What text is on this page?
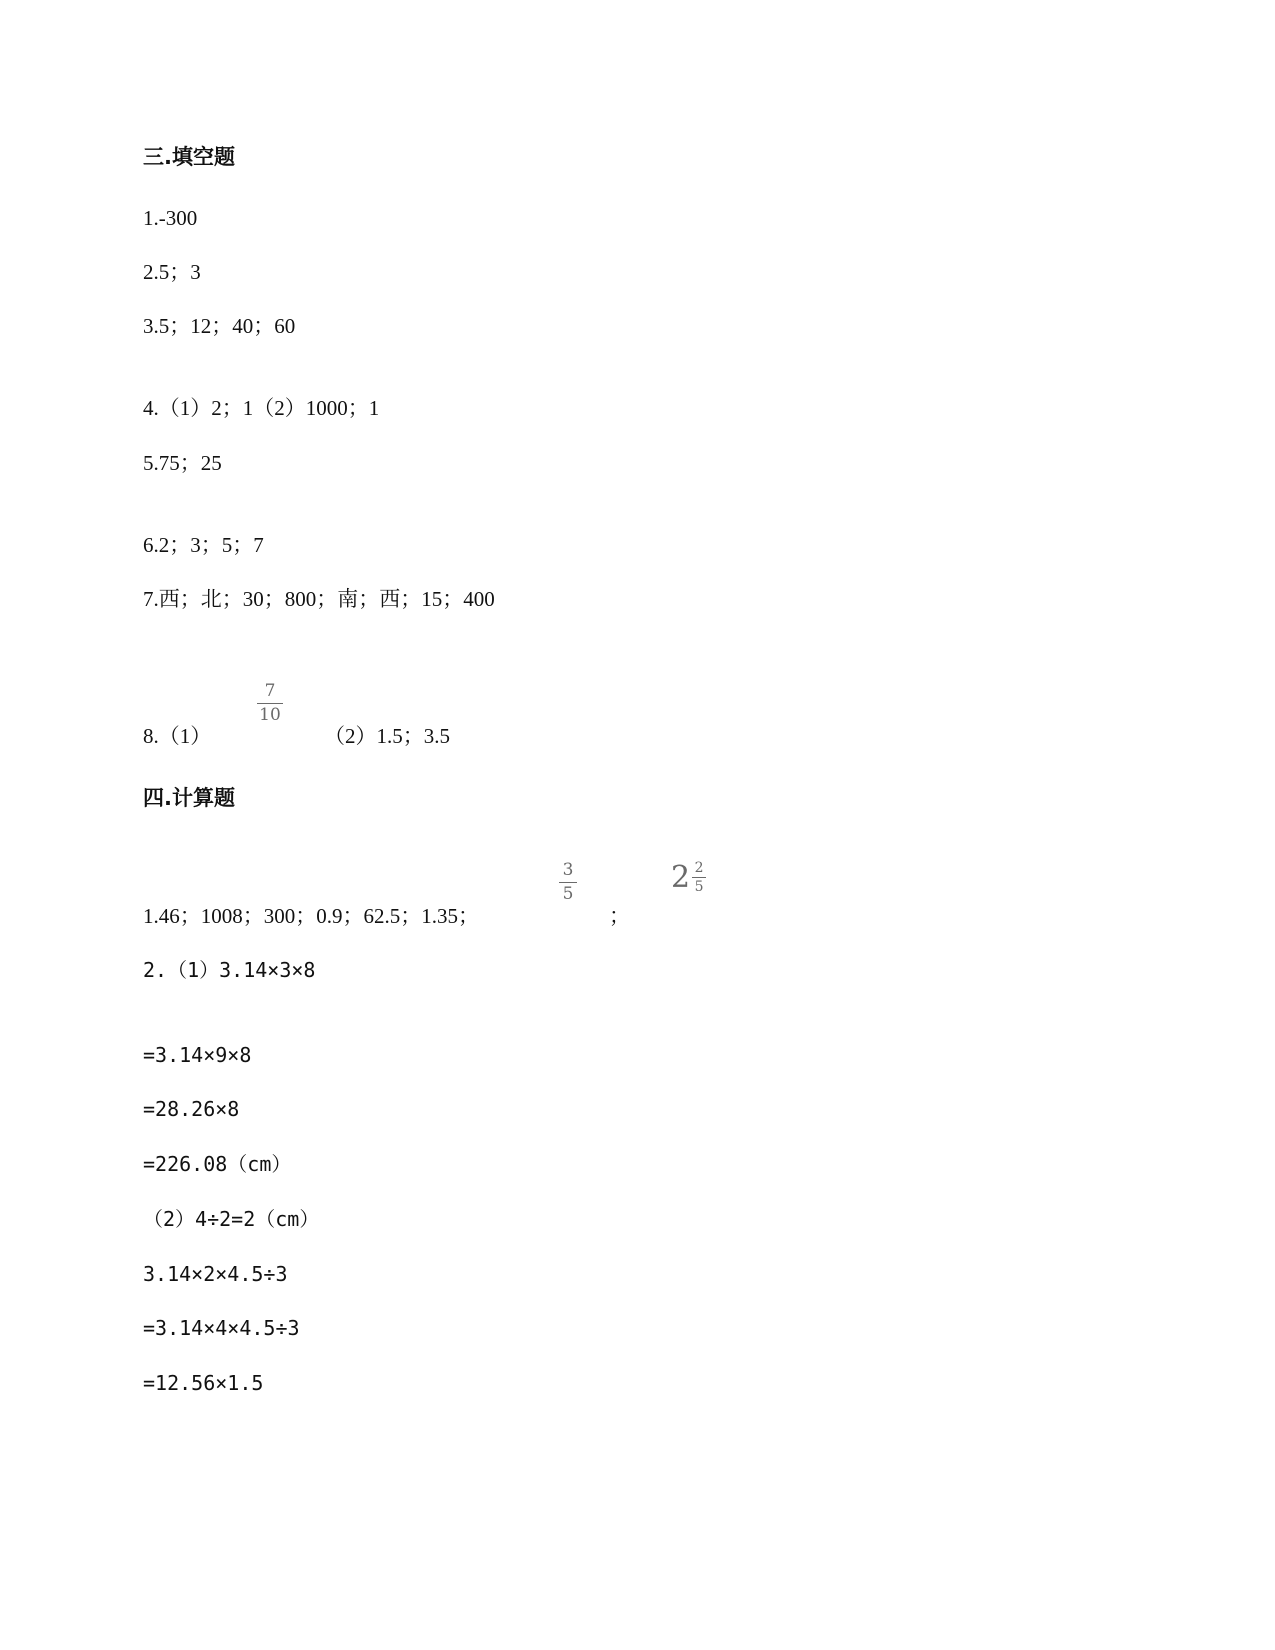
三.填空题
1.-300
2.5；3
3.5；12；40；60
4.（1）2；1（2）1000；1
5.75；25
6.2；3；5；7
7.西；北；30；800；南；西；15；400
8.（1）
7
10
（2）1.5；3.5
四.计算题
1.46；1008；300；0.9；62.5；1.35；
3
5
；
$2 \frac{2}{5}$
2.（1）3.14×3×8
=3.14×9×8
=28.26×8
=226.08（cm）
（2）4÷2=2（cm）
3.14×2×4.5÷3
=3.14×4×4.5÷3
=12.56×1.5
